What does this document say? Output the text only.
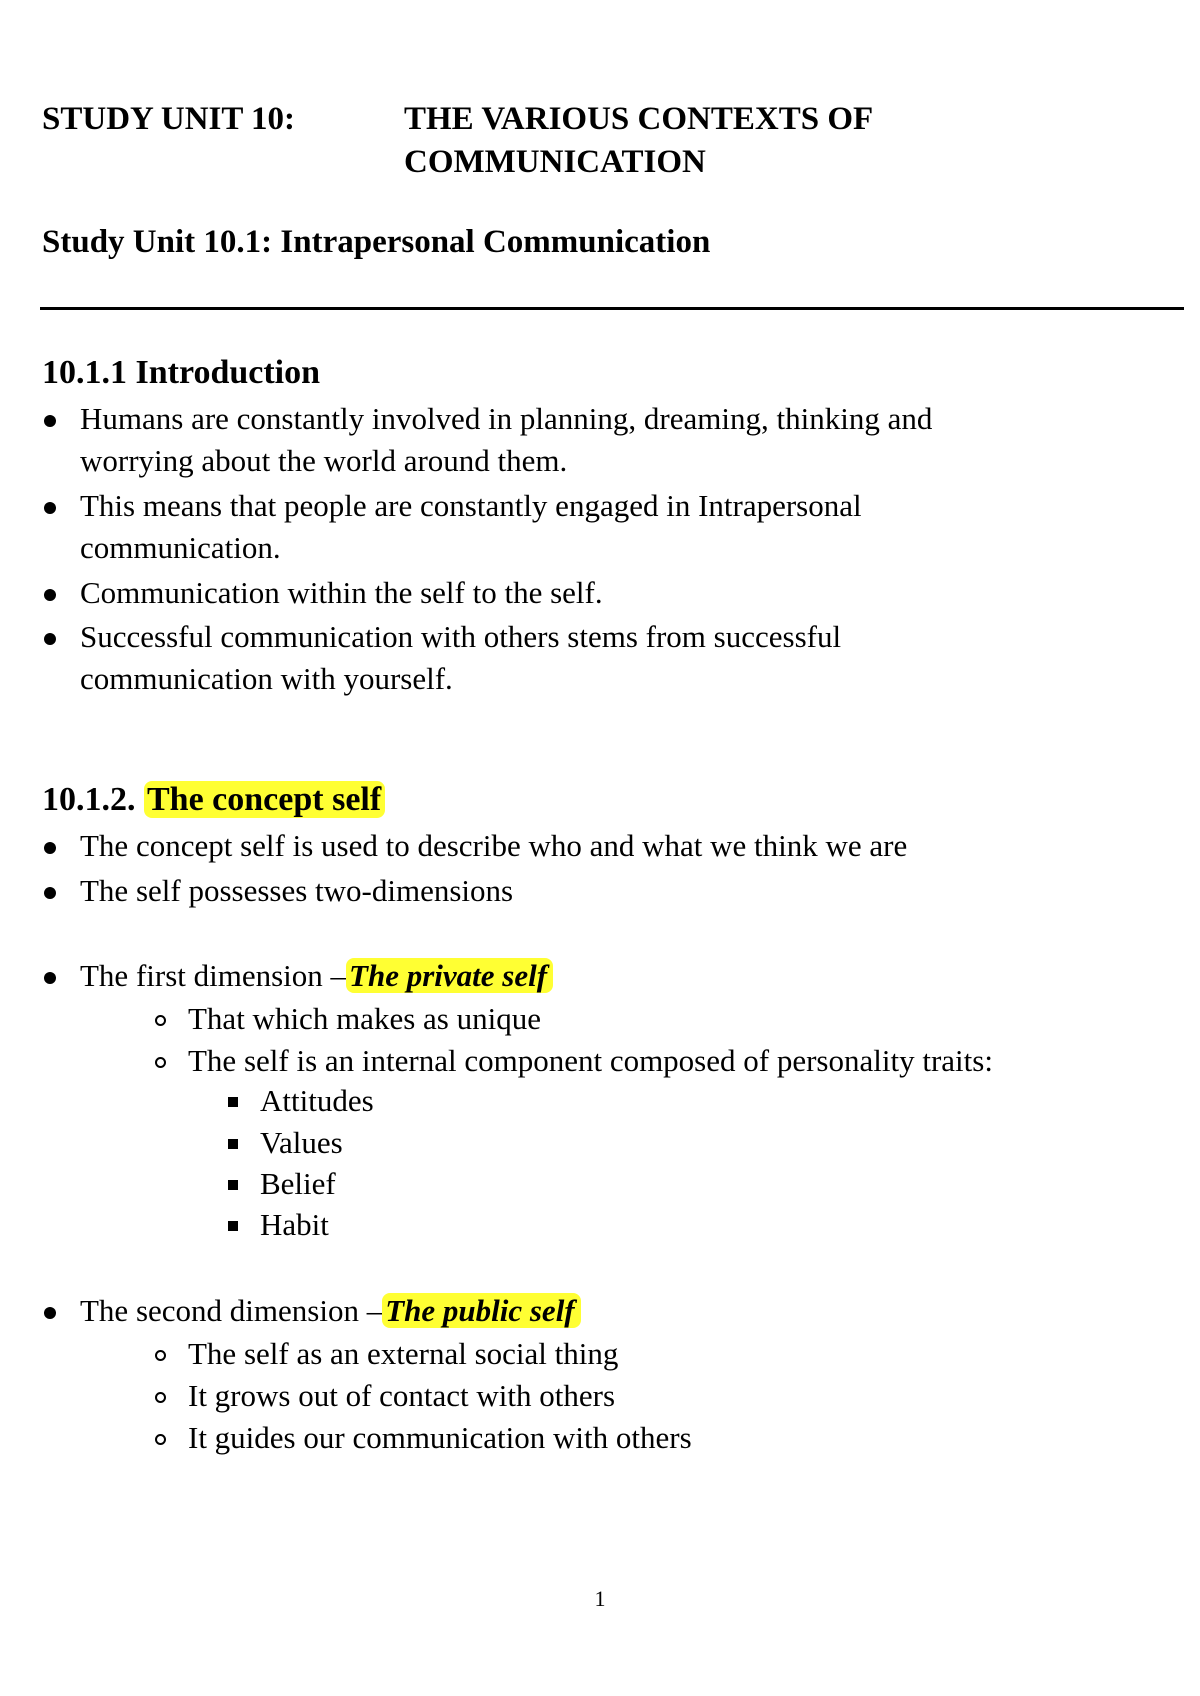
STUDY UNIT 10:	THE VARIOUS CONTEXTS OF COMMUNICATION
Study Unit 10.1: Intrapersonal Communication
10.1.1 Introduction
Humans are constantly involved in planning, dreaming, thinking and
worrying about the world around them.
This means that people are constantly engaged in Intrapersonal
communication.
Communication within the self to the self.
Successful communication with others stems from successful
communication with yourself.
10.1.2. The concept self
The concept self is used to describe who and what we think we are
The self possesses two-dimensions
The first dimension –The private self
That which makes as unique
The self is an internal component composed of personality traits:
Attitudes
Values
Belief
Habit
The second dimension –The public self
The self as an external social thing
It grows out of contact with others
It guides our communication with others
1
